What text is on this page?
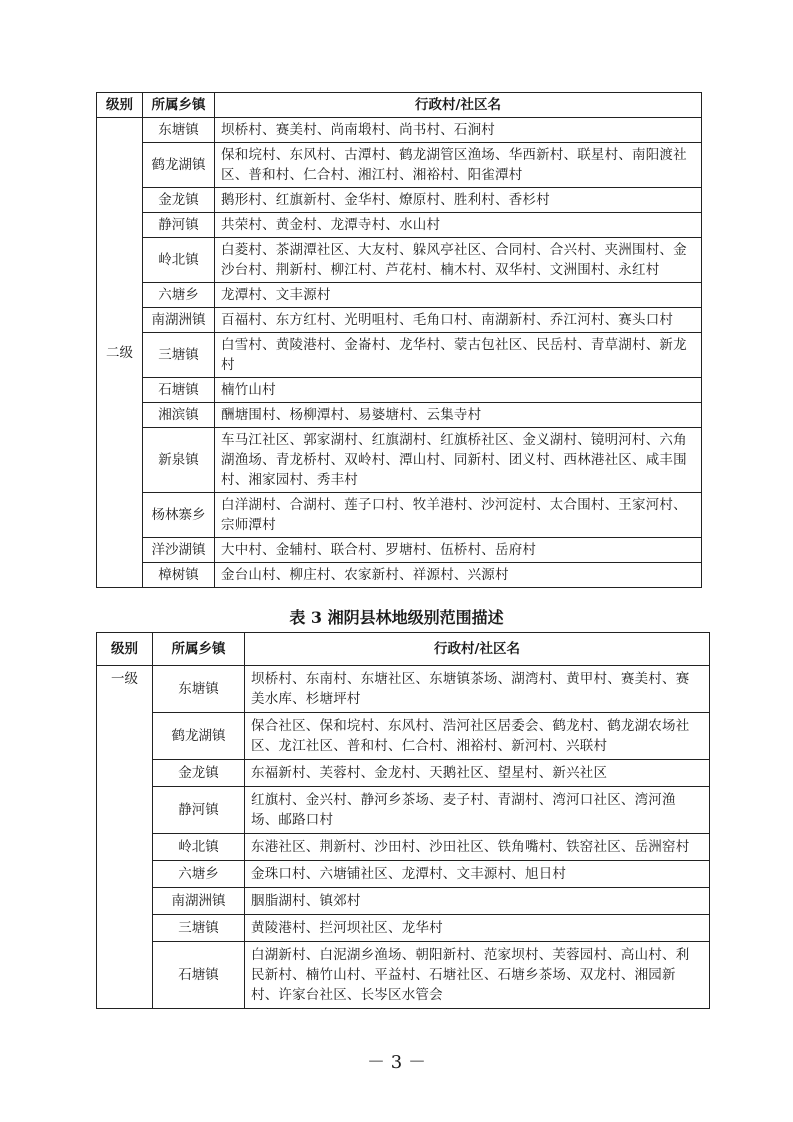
级别	所属乡镇	行政村/社区名
二级	东塘镇	坝桥村、赛美村、尚南塅村、尚书村、石涧村
	鹤龙湖镇	保和垸村、东风村、古潭村、鹤龙湖管区渔场、华西新村、联星村、南阳渡社区、普和村、仁合村、湘江村、湘裕村、阳雀潭村
	金龙镇	鹅形村、红旗新村、金华村、燎原村、胜利村、香杉村
	静河镇	共荣村、黄金村、龙潭寺村、水山村
	岭北镇	白菱村、茶湖潭社区、大友村、躲风亭社区、合同村、合兴村、夹洲围村、金沙台村、荆新村、柳江村、芦花村、楠木村、双华村、文洲围村、永红村
	六塘乡	龙潭村、文丰源村
	南湖洲镇	百福村、东方红村、光明咀村、毛角口村、南湖新村、乔江河村、赛头口村
	三塘镇	白雪村、黄陵港村、金崙村、龙华村、蒙古包社区、民岳村、青草湖村、新龙村
	石塘镇	楠竹山村
	湘滨镇	酬塘围村、杨柳潭村、易婆塘村、云集寺村
	新泉镇	车马江社区、郭家湖村、红旗湖村、红旗桥社区、金义湖村、镜明河村、六角湖渔场、青龙桥村、双岭村、潭山村、同新村、团义村、西林港社区、咸丰围村、湘家园村、秀丰村
	杨林寨乡	白洋湖村、合湖村、莲子口村、牧羊港村、沙河淀村、太合围村、王家河村、宗师潭村
	洋沙湖镇	大中村、金辅村、联合村、罗塘村、伍桥村、岳府村
	樟树镇	金台山村、柳庄村、农家新村、祥源村、兴源村
表 3 湘阴县林地级别范围描述
级别	所属乡镇	行政村/社区名
一级	东塘镇	坝桥村、东南村、东塘社区、东塘镇茶场、湖湾村、黄甲村、赛美村、赛美水库、杉塘坪村
	鹤龙湖镇	保合社区、保和垸村、东风村、浩河社区居委会、鹤龙村、鹤龙湖农场社区、龙江社区、普和村、仁合村、湘裕村、新河村、兴联村
	金龙镇	东福新村、芙蓉村、金龙村、天鹅社区、望星村、新兴社区
	静河镇	红旗村、金兴村、静河乡茶场、麦子村、青湖村、湾河口社区、湾河渔场、邮路口村
	岭北镇	东港社区、荆新村、沙田村、沙田社区、铁角嘴村、铁窑社区、岳洲窑村
	六塘乡	金珠口村、六塘铺社区、龙潭村、文丰源村、旭日村
	南湖洲镇	胭脂湖村、镇郊村
	三塘镇	黄陵港村、拦河坝社区、龙华村
	石塘镇	白湖新村、白泥湖乡渔场、朝阳新村、范家坝村、芙蓉园村、高山村、利民新村、楠竹山村、平益村、石塘社区、石塘乡茶场、双龙村、湘园新村、许家台社区、长岑区水管会
－ 3 －
